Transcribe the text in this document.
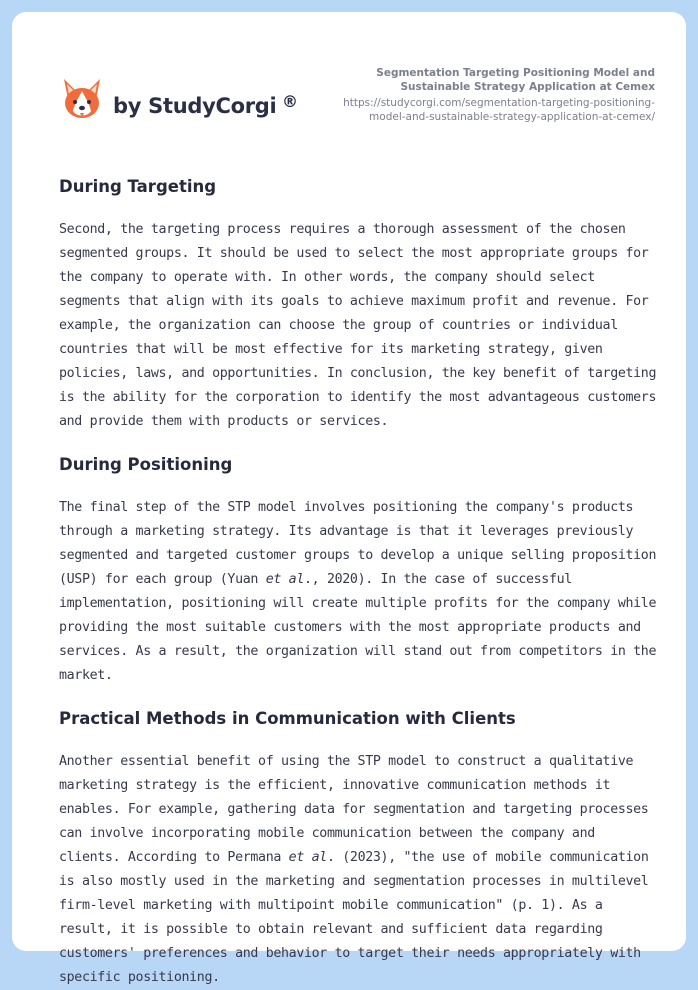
by StudyCorgi ®
Segmentation Targeting Positioning Model and
Sustainable Strategy Application at Cemex
https://studycorgi.com/segmentation-targeting-positioning-
model-and-sustainable-strategy-application-at-cemex/
During Targeting

Second, the targeting process requires a thorough assessment of the chosen segmented groups. It should be used to select the most appropriate groups for the company to operate with. In other words, the company should select segments that align with its goals to achieve maximum profit and revenue. For example, the organization can choose the group of countries or individual countries that will be most effective for its marketing strategy, given policies, laws, and opportunities. In conclusion, the key benefit of targeting is the ability for the corporation to identify the most advantageous customers and provide them with products or services.

During Positioning

The final step of the STP model involves positioning the company's products through a marketing strategy. Its advantage is that it leverages previously segmented and targeted customer groups to develop a unique selling proposition (USP) for each group (Yuan et al., 2020). In the case of successful implementation, positioning will create multiple profits for the company while providing the most suitable customers with the most appropriate products and services. As a result, the organization will stand out from competitors in the market.

Practical Methods in Communication with Clients

Another essential benefit of using the STP model to construct a qualitative marketing strategy is the efficient, innovative communication methods it enables. For example, gathering data for segmentation and targeting processes can involve incorporating mobile communication between the company and clients. According to Permana et al. (2023), "the use of mobile communication is also mostly used in the marketing and segmentation processes in multilevel firm-level marketing with multipoint mobile communication" (p. 1). As a result, it is possible to obtain relevant and sufficient data regarding customers' preferences and behavior to target their needs appropriately with specific positioning.
